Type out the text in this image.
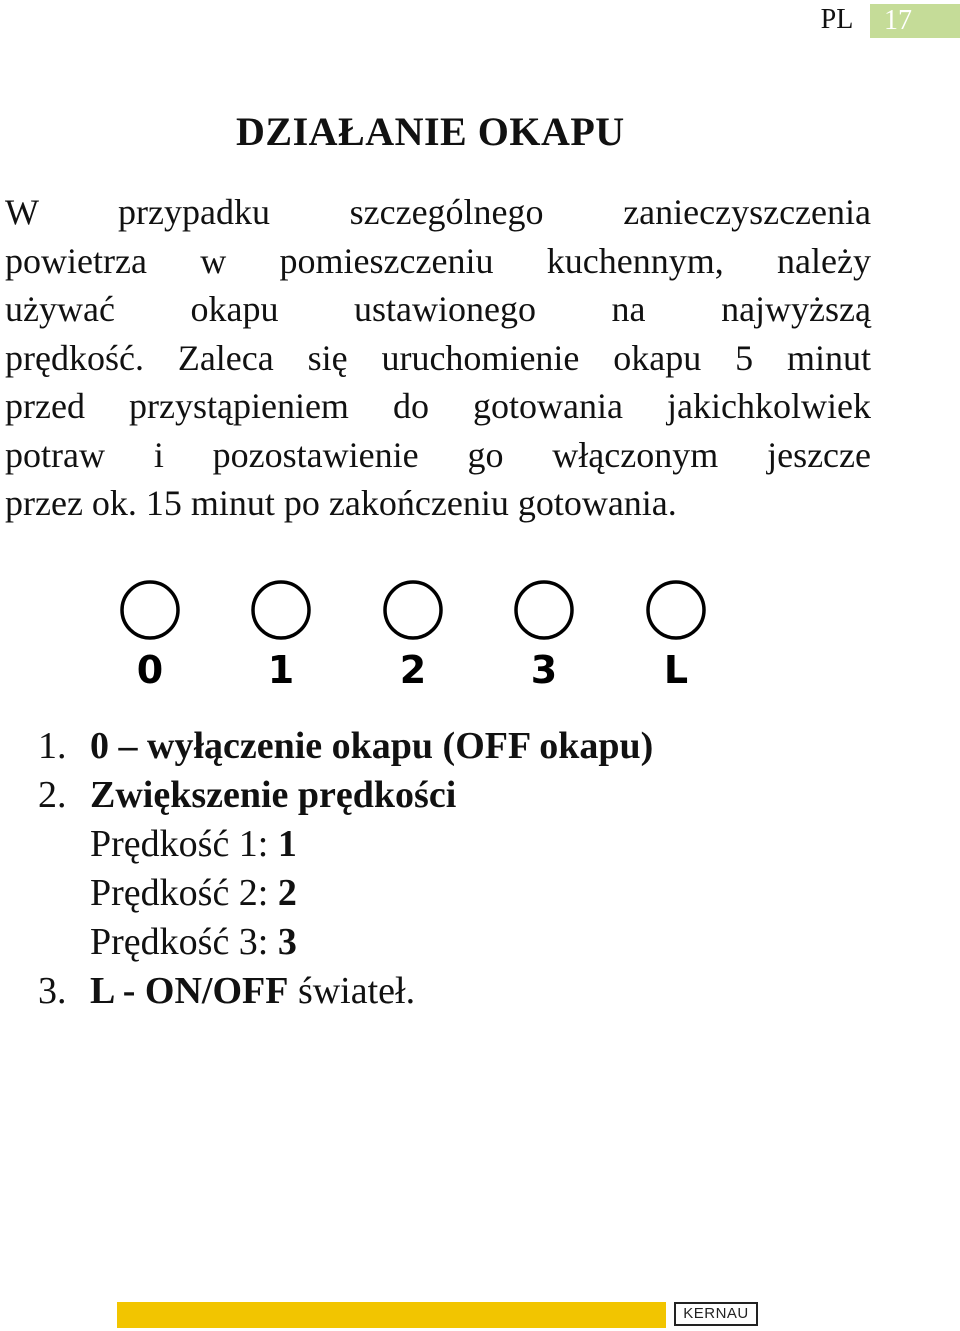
PL	17
DZIAŁANIE OKAPU
W przypadku szczególnego zanieczyszczenia
powietrza w pomieszczeniu kuchennym, należy
używać okapu ustawionego na najwyższą
prędkość. Zaleca się uruchomienie okapu 5 minut
przed przystąpieniem do gotowania jakichkolwiek
potraw i pozostawienie go włączonym jeszcze
przez ok. 15 minut po zakończeniu gotowania.
0	1	2	3	L
1. 0 – wyłączenie okapu (OFF okapu)
2. Zwiększenie prędkości
Prędkość 1: 1
Prędkość 2: 2
Prędkość 3: 3
3. L - ON/OFF świateł.
KERNAU
